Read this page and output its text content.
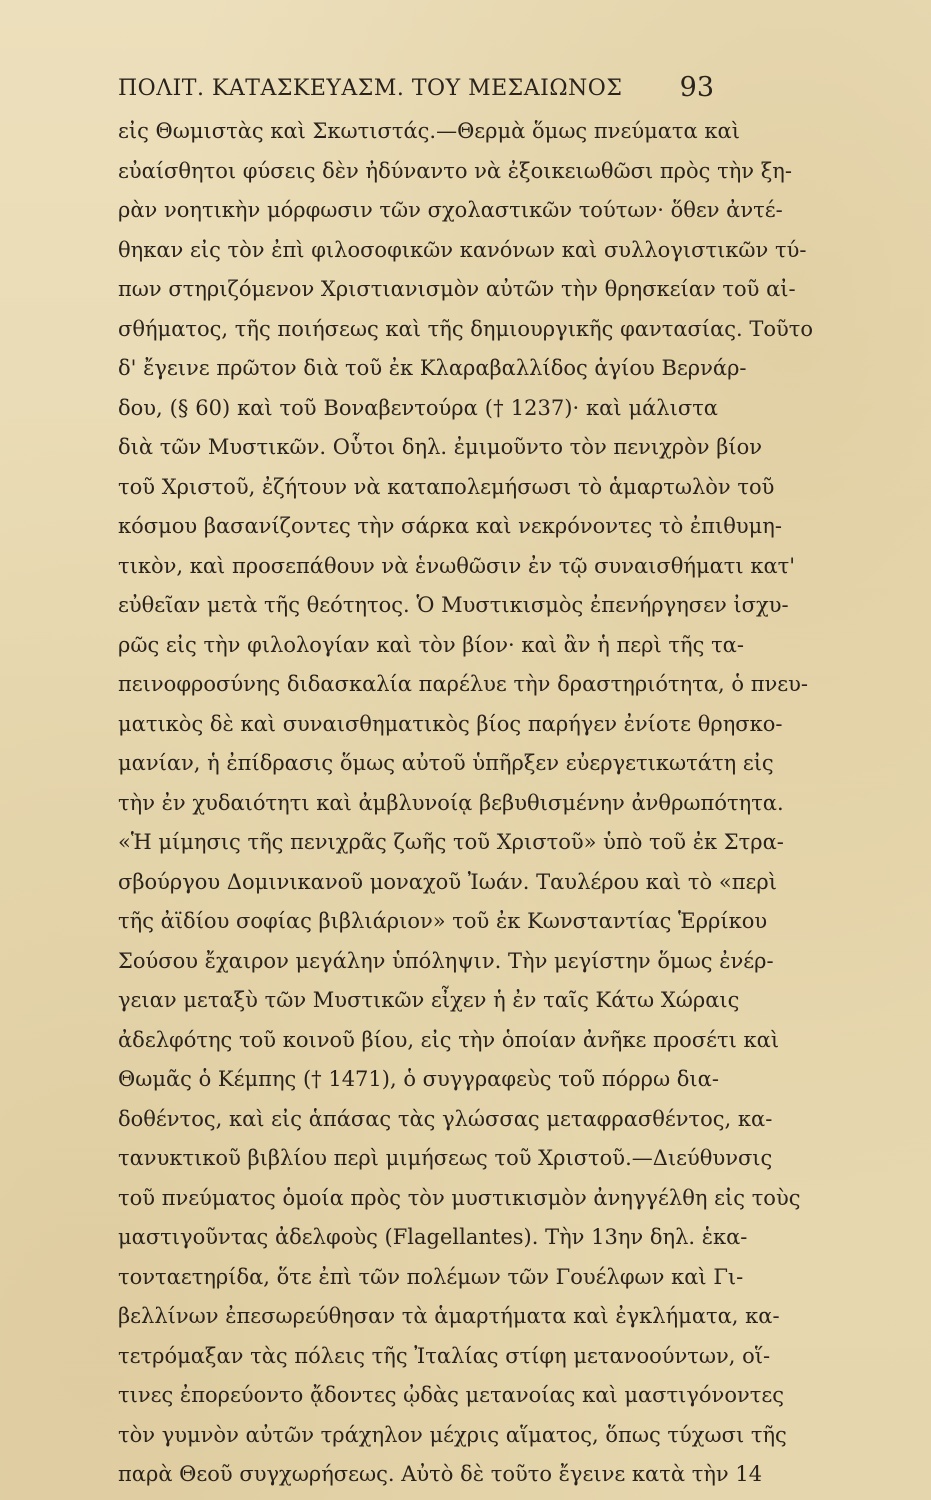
ΠΟΛΙΤ. ΚΑΤΑΣΚΕΥΑΣΜ. ΤΟΥ ΜΕΣΑΙΩΝΟΣ 93
εἰς Θωμιστὰς καὶ Σκωτιστάς.—Θερμὰ ὅμως πνεύματα καὶ
εὐαίσθητοι φύσεις δὲν ἠδύναντο νὰ ἐξοικειωθῶσι πρὸς τὴν ξη-
ρὰν νοητικὴν μόρφωσιν τῶν σχολαστικῶν τούτων· ὅθεν ἀντέ-
θηκαν εἰς τὸν ἐπὶ φιλοσοφικῶν κανόνων καὶ συλλογιστικῶν τύ-
πων στηριζόμενον Χριστιανισμὸν αὐτῶν τὴν θρησκείαν τοῦ αἰ-
σθήματος, τῆς ποιήσεως καὶ τῆς δημιουργικῆς φαντασίας. Τοῦτο
δ' ἔγεινε πρῶτον διὰ τοῦ ἐκ Κλαραβαλλίδος ἁγίου Βερνάρ-
δου, (§ 60) καὶ τοῦ Βοναβεντούρα († 1237)· καὶ μάλιστα
διὰ τῶν Μυστικῶν. Οὗτοι δηλ. ἐμιμοῦντο τὸν πενιχρὸν βίον
τοῦ Χριστοῦ, ἐζήτουν νὰ καταπολεμήσωσι τὸ ἁμαρτωλὸν τοῦ
κόσμου βασανίζοντες τὴν σάρκα καὶ νεκρόνοντες τὸ ἐπιθυμη-
τικὸν, καὶ προσεπάθουν νὰ ἑνωθῶσιν ἐν τῷ συναισθήματι κατ'
εὐθεῖαν μετὰ τῆς θεότητος. Ὁ Μυστικισμὸς ἐπενήργησεν ἰσχυ-
ρῶς εἰς τὴν φιλολογίαν καὶ τὸν βίον· καὶ ἂν ἡ περὶ τῆς τα-
πεινοφροσύνης διδασκαλία παρέλυε τὴν δραστηριότητα, ὁ πνευ-
ματικὸς δὲ καὶ συναισθηματικὸς βίος παρήγεν ἐνίοτε θρησκο-
μανίαν, ἡ ἐπίδρασις ὅμως αὐτοῦ ὑπῆρξεν εὐεργετικωτάτη εἰς
τὴν ἐν χυδαιότητι καὶ ἀμβλυνοίᾳ βεβυθισμένην ἀνθρωπότητα.
«Ἡ μίμησις τῆς πενιχρᾶς ζωῆς τοῦ Χριστοῦ» ὑπὸ τοῦ ἐκ Στρα-
σβούργου Δομινικανοῦ μοναχοῦ Ἰωάν. Ταυλέρου καὶ τὸ «περὶ
τῆς ἀϊδίου σοφίας βιβλιάριον» τοῦ ἐκ Κωνσταντίας Ἑρρίκου
Σούσου ἔχαιρον μεγάλην ὑπόληψιν. Τὴν μεγίστην ὅμως ἐνέρ-
γειαν μεταξὺ τῶν Μυστικῶν εἶχεν ἡ ἐν ταῖς Κάτω Χώραις
ἀδελφότης τοῦ κοινοῦ βίου, εἰς τὴν ὁποίαν ἀνῆκε προσέτι καὶ
Θωμᾶς ὁ Κέμπης († 1471), ὁ συγγραφεὺς τοῦ πόρρω δια-
δοθέντος, καὶ εἰς ἁπάσας τὰς γλώσσας μεταφρασθέντος, κα-
τανυκτικοῦ βιβλίου περὶ μιμήσεως τοῦ Χριστοῦ.—Διεύθυνσις
τοῦ πνεύματος ὁμοία πρὸς τὸν μυστικισμὸν ἀνηγγέλθη εἰς τοὺς
μαστιγοῦντας ἀδελφοὺς (Flagellantes). Τὴν 13ην δηλ. ἑκα-
τονταετηρίδα, ὅτε ἐπὶ τῶν πολέμων τῶν Γουέλφων καὶ Γι-
βελλίνων ἐπεσωρεύθησαν τὰ ἁμαρτήματα καὶ ἐγκλήματα, κα-
τετρόμαξαν τὰς πόλεις τῆς Ἰταλίας στίφη μετανοούντων, οἵ-
τινες ἐπορεύοντο ᾄδοντες ᾠδὰς μετανοίας καὶ μαστιγόνοντες
τὸν γυμνὸν αὐτῶν τράχηλον μέχρις αἵματος, ὅπως τύχωσι τῆς
παρὰ Θεοῦ συγχωρήσεως. Αὐτὸ δὲ τοῦτο ἔγεινε κατὰ τὴν 14
